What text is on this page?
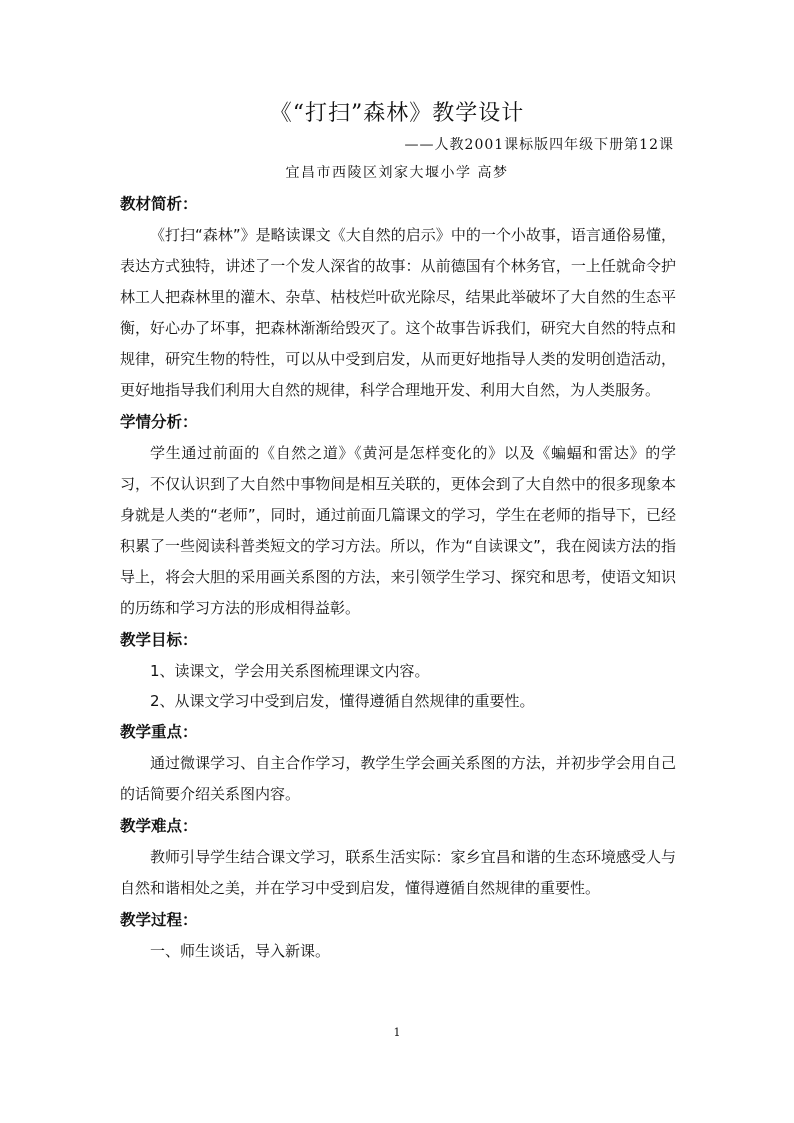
《“打扫”森林》教学设计
——人教2001课标版四年级下册第12课
宜昌市西陵区刘家大堰小学 高梦
教材简析：

《打扫“森林”》是略读课文《大自然的启示》中的一个小故事，语言通俗易懂，表达方式独特，讲述了一个发人深省的故事：从前德国有个林务官，一上任就命令护林工人把森林里的灌木、杂草、枯枝烂叶砍光除尽，结果此举破坏了大自然的生态平衡，好心办了坏事，把森林渐渐给毁灭了。这个故事告诉我们，研究大自然的特点和规律，研究生物的特性，可以从中受到启发，从而更好地指导人类的发明创造活动，更好地指导我们利用大自然的规律，科学合理地开发、利用大自然，为人类服务。

学情分析：

学生通过前面的《自然之道》《黄河是怎样变化的》以及《蝙蝠和雷达》的学习，不仅认识到了大自然中事物间是相互关联的，更体会到了大自然中的很多现象本身就是人类的“老师”，同时，通过前面几篇课文的学习，学生在老师的指导下，已经积累了一些阅读科普类短文的学习方法。所以，作为“自读课文”，我在阅读方法的指导上，将会大胆的采用画关系图的方法，来引领学生学习、探究和思考，使语文知识的历练和学习方法的形成相得益彰。

教学目标：

1、读课文，学会用关系图梳理课文内容。

2、从课文学习中受到启发，懂得遵循自然规律的重要性。

教学重点：

通过微课学习、自主合作学习，教学生学会画关系图的方法，并初步学会用自己的话简要介绍关系图内容。

教学难点：

教师引导学生结合课文学习，联系生活实际：家乡宜昌和谐的生态环境感受人与自然和谐相处之美，并在学习中受到启发，懂得遵循自然规律的重要性。

教学过程：

一、师生谈话，导入新课。

1
